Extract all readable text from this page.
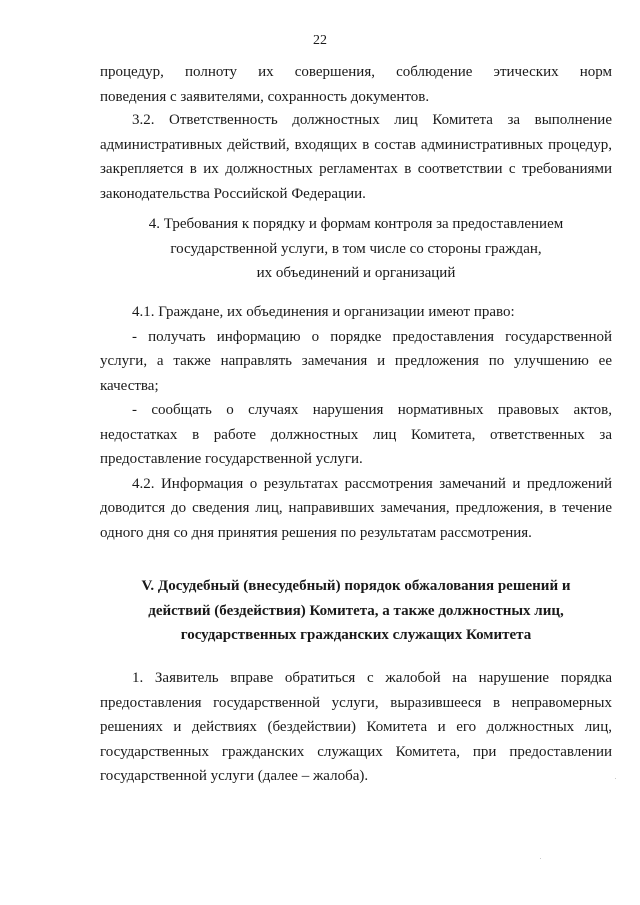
22

процедур, полноту их совершения, соблюдение этических норм

поведения с заявителями, сохранность документов.

3.2. Ответственность должностных лиц Комитета за выполнение административных действий, входящих в состав административных процедур, закрепляется в их должностных регламентах в соответствии с требованиями законодательства Российской Федерации.

4. Требования к порядку и формам контроля за предоставлением

государственной услуги, в том числе со стороны граждан,

их объединений и организаций

4.1. Граждане, их объединения и организации имеют право:

- получать информацию о порядке предоставления государственной услуги, а также направлять замечания и предложения по улучшению ее качества;

- сообщать о случаях нарушения нормативных правовых актов, недостатках в работе должностных лиц Комитета, ответственных за предоставление государственной услуги.

4.2. Информация о результатах рассмотрения замечаний и предложений доводится до сведения лиц, направивших замечания, предложения, в течение одного дня со дня принятия решения по результатам рассмотрения.

V. Досудебный (внесудебный) порядок обжалования решений и

действий (бездействия) Комитета, а также должностных лиц,

государственных гражданских служащих Комитета

1. Заявитель вправе обратиться с жалобой на нарушение порядка предоставления государственной услуги, выразившееся в неправомерных решениях и действиях (бездействии) Комитета и его должностных лиц, государственных гражданских служащих Комитета, при предоставлении государственной услуги (далее – жалоба).
